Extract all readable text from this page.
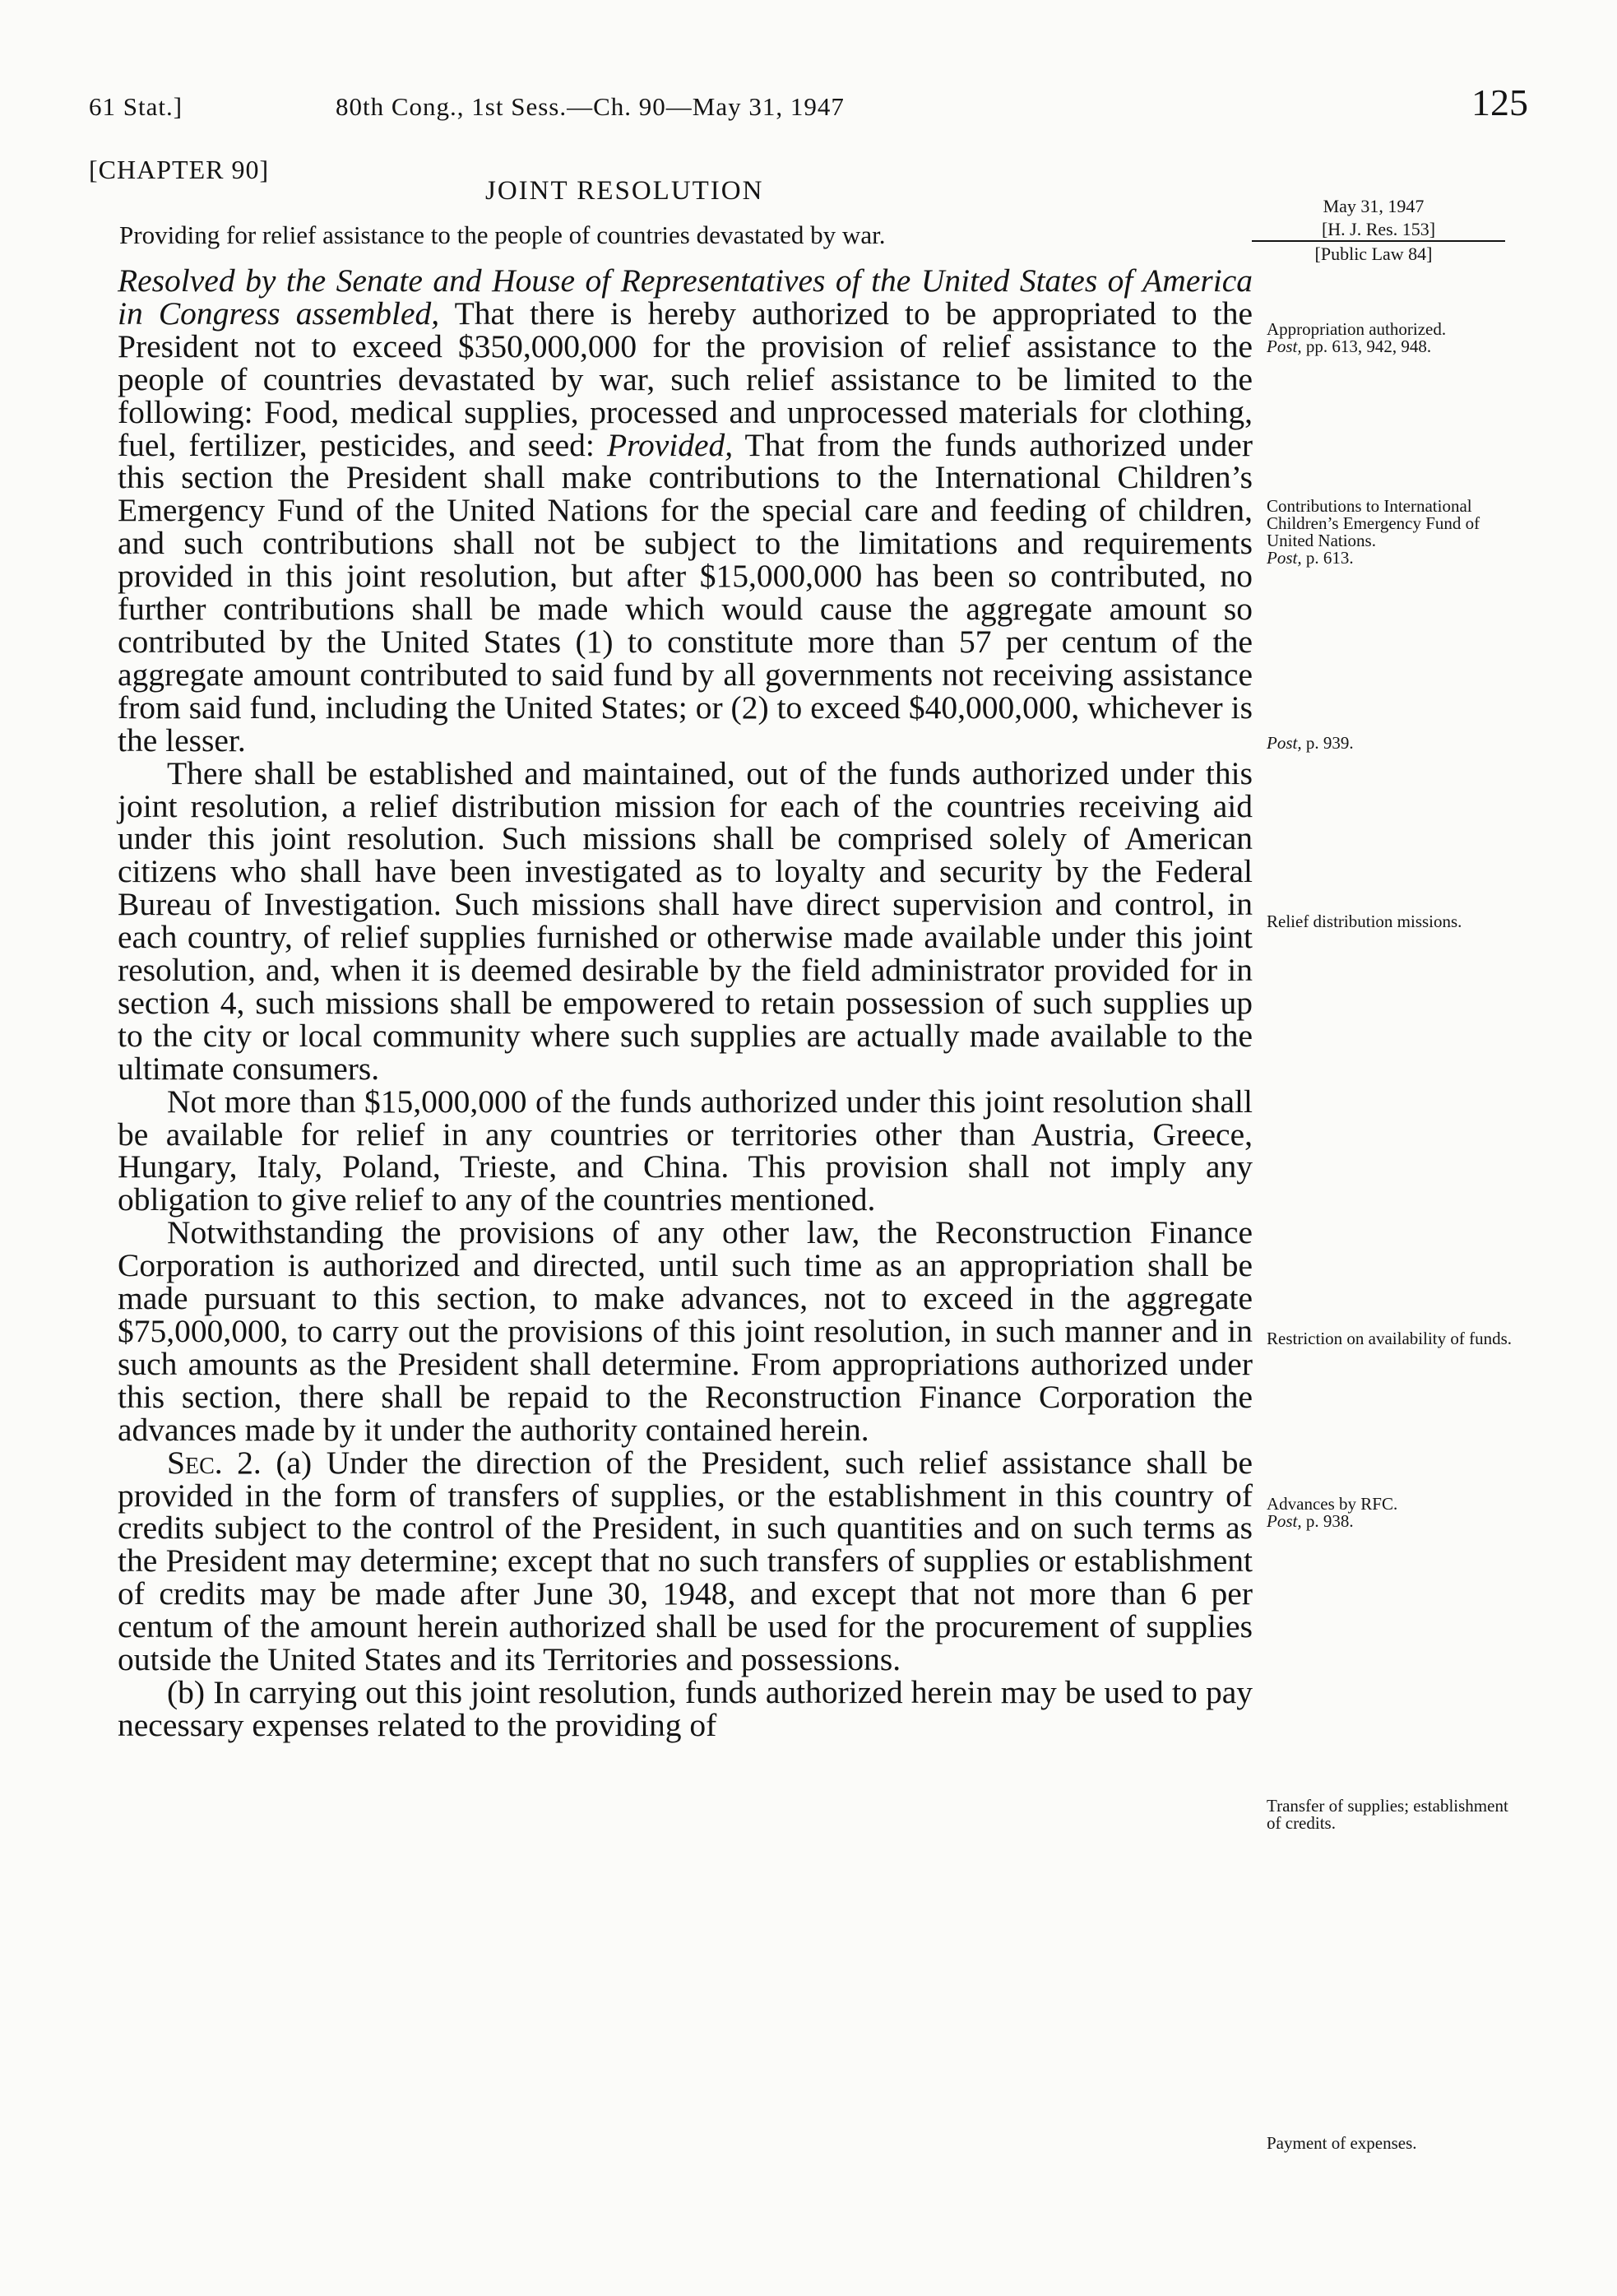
61 Stat.]	80th Cong., 1st Sess.—Ch. 90—May 31, 1947	125
[CHAPTER 90]
JOINT RESOLUTION
Providing for relief assistance to the people of countries devastated by war.
May 31, 1947
[H. J. Res. 153]
[Public Law 84]

Resolved by the Senate and House of Representatives of the United States of America in Congress assembled, That there is hereby authorized to be appropriated to the President not to exceed $350,000,000 for the provision of relief assistance to the people of countries devastated by war, such relief assistance to be limited to the following: Food, medical supplies, processed and unprocessed materials for clothing, fuel, fertilizer, pesticides, and seed: Provided, That from the funds authorized under this section the President shall make contributions to the International Children’s Emergency Fund of the United Nations for the special care and feeding of children, and such contributions shall not be subject to the limitations and requirements provided in this joint resolution, but after $15,000,000 has been so contributed, no further contributions shall be made which would cause the aggregate amount so contributed by the United States (1) to constitute more than 57 per centum of the aggregate amount contributed to said fund by all governments not receiving assistance from said fund, including the United States; or (2) to exceed $40,000,000, whichever is the lesser.

There shall be established and maintained, out of the funds authorized under this joint resolution, a relief distribution mission for each of the countries receiving aid under this joint resolution. Such missions shall be comprised solely of American citizens who shall have been investigated as to loyalty and security by the Federal Bureau of Investigation. Such missions shall have direct supervision and control, in each country, of relief supplies furnished or otherwise made available under this joint resolution, and, when it is deemed desirable by the field administrator provided for in section 4, such missions shall be empowered to retain possession of such supplies up to the city or local community where such supplies are actually made available to the ultimate consumers.

Not more than $15,000,000 of the funds authorized under this joint resolution shall be available for relief in any countries or territories other than Austria, Greece, Hungary, Italy, Poland, Trieste, and China. This provision shall not imply any obligation to give relief to any of the countries mentioned.

Notwithstanding the provisions of any other law, the Reconstruction Finance Corporation is authorized and directed, until such time as an appropriation shall be made pursuant to this section, to make advances, not to exceed in the aggregate $75,000,000, to carry out the provisions of this joint resolution, in such manner and in such amounts as the President shall determine. From appropriations authorized under this section, there shall be repaid to the Reconstruction Finance Corporation the advances made by it under the authority contained herein.

Sec. 2. (a) Under the direction of the President, such relief assistance shall be provided in the form of transfers of supplies, or the establishment in this country of credits subject to the control of the President, in such quantities and on such terms as the President may determine; except that no such transfers of supplies or establishment of credits may be made after June 30, 1948, and except that not more than 6 per centum of the amount herein authorized shall be used for the procurement of supplies outside the United States and its Territories and possessions.

(b) In carrying out this joint resolution, funds authorized herein may be used to pay necessary expenses related to the providing of

Appropriation authorized.
Post, pp. 613, 942, 948.
Contributions to International Children’s Emergency Fund of United Nations.
Post, p. 613.
Post, p. 939.
Relief distribution missions.
Restriction on availability of funds.
Advances by RFC.
Post, p. 938.
Transfer of supplies; establishment of credits.
Payment of expenses.
